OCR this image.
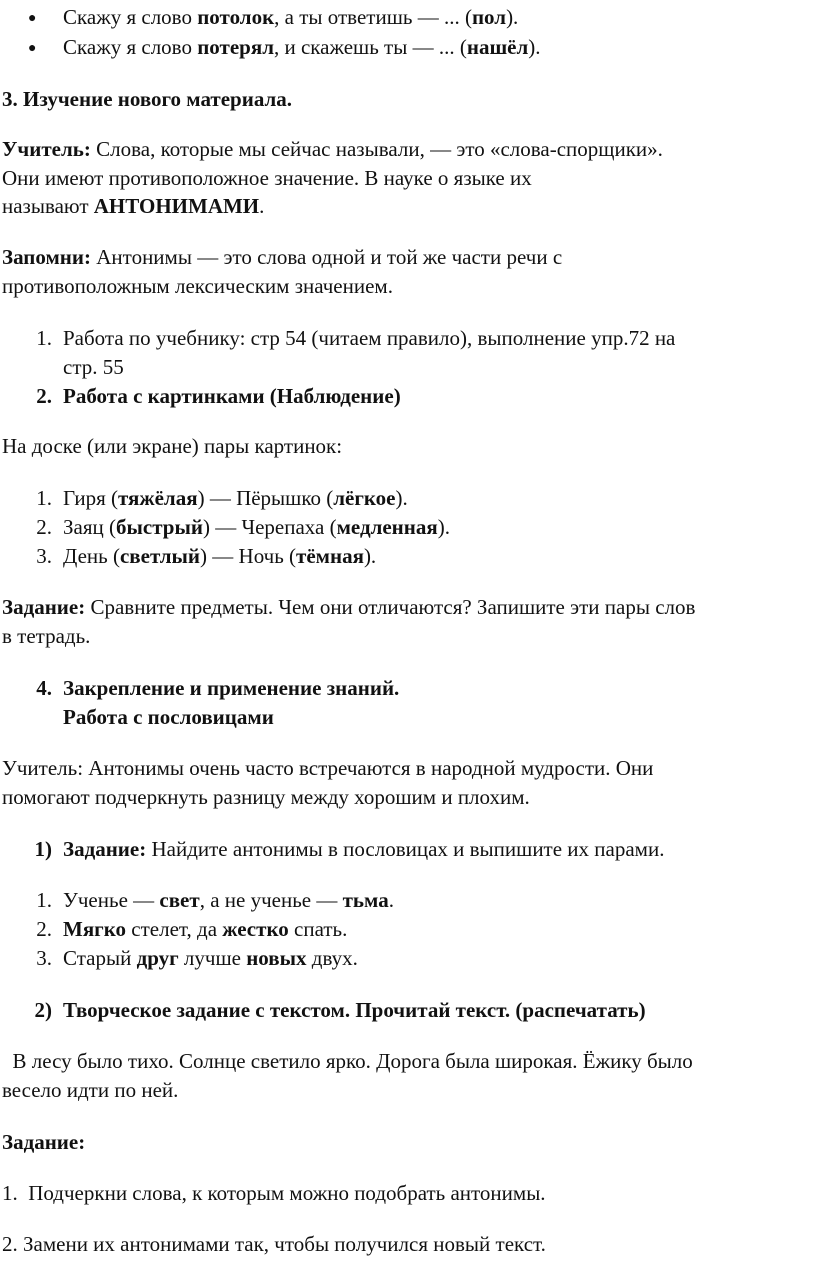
● Скажу я слово потолок, а ты ответишь — ... (пол).
● Скажу я слово потерял, и скажешь ты — ... (нашёл).
3. Изучение нового материала.
Учитель: Слова, которые мы сейчас называли, — это «слова-спорщики».
Они имеют противоположное значение. В науке о языке их
называют АНТОНИМАМИ.
Запомни: Антонимы — это слова одной и той же части речи с
противоположным лексическим значением.
1. Работа по учебнику: стр 54 (читаем правило), выполнение упр.72 на
стр. 55
2. Работа с картинками (Наблюдение)
На доске (или экране) пары картинок:
1. Гиря (тяжёлая) — Пёрышко (лёгкое).
2. Заяц (быстрый) — Черепаха (медленная).
3. День (светлый) — Ночь (тёмная).
Задание: Сравните предметы. Чем они отличаются? Запишите эти пары слов
в тетрадь.
4. Закрепление и применение знаний.
Работа с пословицами
Учитель: Антонимы очень часто встречаются в народной мудрости. Они
помогают подчеркнуть разницу между хорошим и плохим.
1) Задание: Найдите антонимы в пословицах и выпишите их парами.
1. Ученье — свет, а не ученье — тьма.
2. Мягко стелет, да жестко спать.
3. Старый друг лучше новых двух.
2) Творческое задание с текстом. Прочитай текст. (распечатать)
В лесу было тихо. Солнце светило ярко. Дорога была широкая. Ёжику было
весело идти по ней.
Задание:
1.  Подчеркни слова, к которым можно подобрать антонимы.
2. Замени их антонимами так, чтобы получился новый текст.
